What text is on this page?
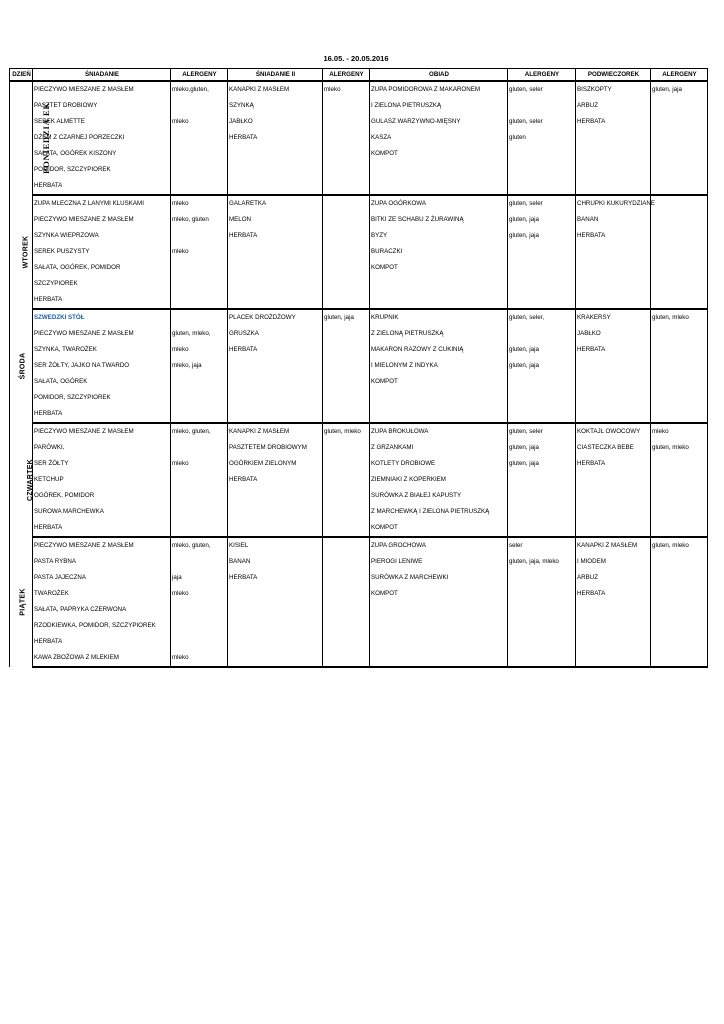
16.05. - 20.05.2016
DZIEŃ	ŚNIADANIE	ALERGENY	ŚNIADANIE II	ALERGENY	OBIAD	ALERGENY	PODWIECZOREK	ALERGENY
PONIEDZIA EK	PIECZYWO MIESZANE Z MASŁEM	mleko,gluten,	KANAPKI Z MASŁEM	mleko	ZUPA POMIDOROWA Z MAKARONEM	gluten, seler	BISZKOPTY	gluten, jaja
	PASZTET DROBIOWY		SZYNKĄ		I ZIELONA PIETRUSZKĄ		ARBUZ	
	SEREK ALMETTE	mleko	JABŁKO		GULASZ WARZYWNO-MIĘSNY	gluten, seler	HERBATA	
	DŻEM Z CZARNEJ PORZECZKI		HERBATA		KASZA	gluten		
	SAŁATA, OGÓREK KISZONY				KOMPOT			
	POMIDOR, SZCZYPIOREK							
	HERBATA							
WTOREK	ZUPA MLECZNA Z LANYMI KLUSKAMI	mleko	GALARETKA		ZUPA OGÓRKOWA	gluten, seler	CHRUPKI KUKURYDZIANE	
	PIECZYWO MIESZANE Z MASŁEM	mleko, gluten	MELON		BITKI ZE SCHABU Z ŻURAWINĄ	gluten, jaja	BANAN	
	SZYNKA WIEPRZOWA		HERBATA		BYZY	gluten, jaja	HERBATA	
	SEREK PUSZYSTY	mleko			BURACZKI			
	SAŁATA, OGÓREK, POMIDOR				KOMPOT			
	SZCZYPIOREK							
	HERBATA							
ŚRODA	SZWEDZKI STÓŁ		PLACEK DROŻDŻOWY	gluten, jaja	KRUPNIK	gluten, seler,	KRAKERSY	gluten, mleko
	PIECZYWO MIESZANE Z MASŁEM	gluten, mleko,	GRUSZKA		Z ZIELONĄ PIETRUSZKĄ		JABŁKO	
	SZYNKA, TWAROŻEK	mleko	HERBATA		MAKARON RAZOWY Z CUKINIĄ	gluten, jaja	HERBATA	
	SER ŻÓŁTY, JAJKO NA TWARDO	mleko, jaja			I MIELONYM Z INDYKA	gluten, jaja		
	SAŁATA, OGÓREK				KOMPOT			
	POMIDOR, SZCZYPIOREK							
	HERBATA							
CZWARTEK	PIECZYWO MIESZANE Z MASŁEM	mleko, gluten,	KANAPKI Z MASŁEM	gluten, mleko	ZUPA BROKUŁOWA	gluten, seler	KOKTAJL OWOCOWY	mleko
	PARÓWKI,		PASZTETEM DROBIOWYM		Z GRZANKAMI	gluten, jaja	CIASTECZKA BEBE	gluten, mleko
	SER ŻÓŁTY	mleko	OGÓRKIEM ZIELONYM		KOTLETY DROBIOWE	gluten, jaja	HERBATA	
	KETCHUP		HERBATA		ZIEMNIAKI Z KOPERKIEM			
	OGÓREK, POMIDOR				SURÓWKA Z BIAŁEJ KAPUSTY			
	SUROWA MARCHEWKA				Z MARCHEWKĄ I ZIELONA PIETRUSZKĄ			
	HERBATA				KOMPOT			
PIĄTEK	PIECZYWO MIESZANE Z MASŁEM	mleko, gluten,	KISIEL		ZUPA GROCHOWA	seler	KANAPKI Z MASŁEM	gluten, mleko
	PASTA RYBNA		BANAN		PIEROGI LENIWE	gluten, jaja, mleko	I MIODEM	
	PASTA JAJECZNA	jaja	HERBATA		SURÓWKA Z MARCHEWKI		ARBUZ	
	TWAROŻEK	mleko			KOMPOT		HERBATA	
	SAŁATA, PAPRYKA CZERWONA							
	RZODKIEWKA, POMIDOR, SZCZYPIOREK							
	HERBATA							
	KAWA ZBOŻOWA Z MLEKIEM	mleko						
